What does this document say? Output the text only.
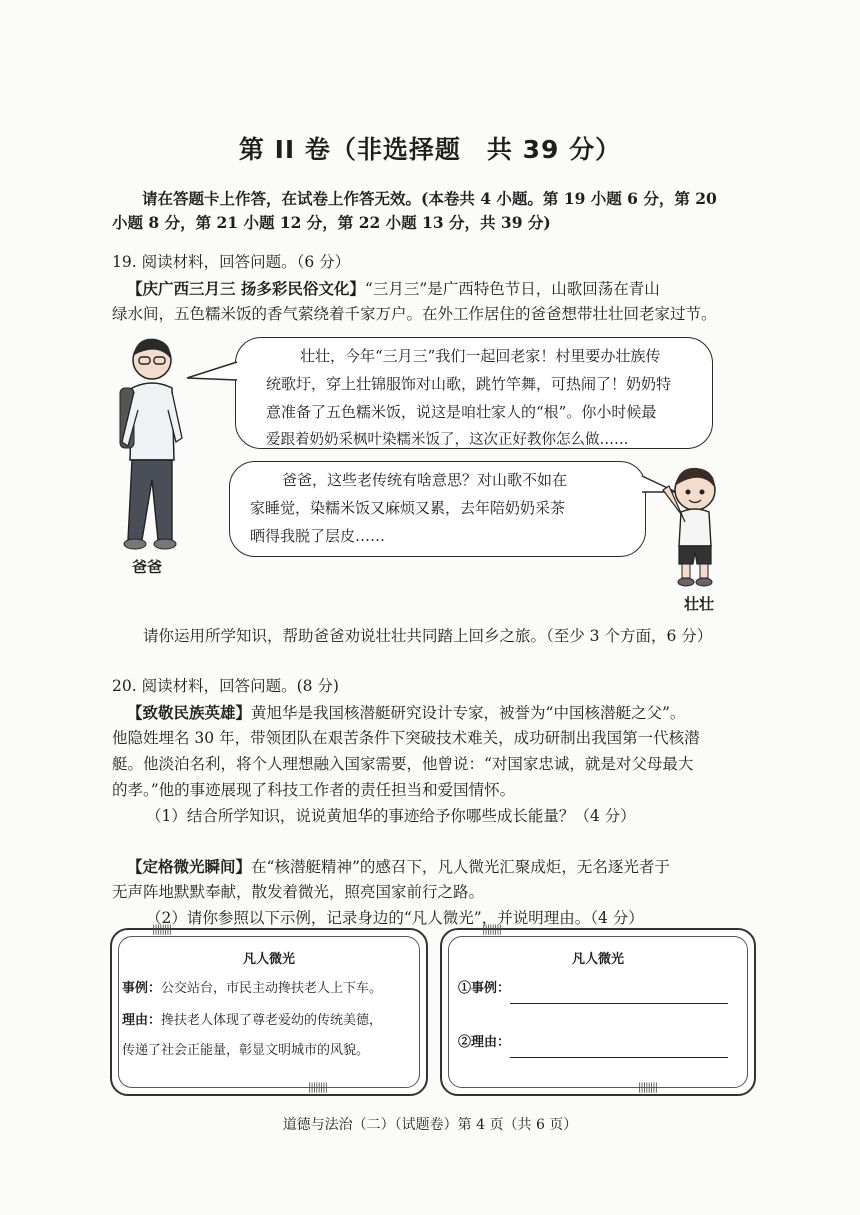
第 II 卷（非选择题　共 39 分）
请在答题卡上作答，在试卷上作答无效。(本卷共 4 小题。第 19 小题 6 分，第 20
小题 8 分，第 21 小题 12 分，第 22 小题 13 分，共 39 分)
19. 阅读材料，回答问题。（6 分）
【庆广西三月三 扬多彩民俗文化】“三月三”是广西特色节日，山歌回荡在青山
绿水间，五色糯米饭的香气萦绕着千家万户。在外工作居住的爸爸想带壮壮回老家过节。
爸爸
壮壮，今年“三月三”我们一起回老家！村里要办壮族传
统歌圩，穿上壮锦服饰对山歌，跳竹竿舞，可热闹了！奶奶特
意准备了五色糯米饭，说这是咱壮家人的“根”。你小时候最
爱跟着奶奶采枫叶染糯米饭了，这次正好教你怎么做……
爸爸，这些老传统有啥意思？对山歌不如在
家睡觉，染糯米饭又麻烦又累，去年陪奶奶采茶
晒得我脱了层皮……
壮壮
请你运用所学知识，帮助爸爸劝说壮壮共同踏上回乡之旅。（至少 3 个方面，6 分）
20. 阅读材料，回答问题。(8 分)
【致敬民族英雄】黄旭华是我国核潜艇研究设计专家，被誉为“中国核潜艇之父”。
他隐姓埋名 30 年，带领团队在艰苦条件下突破技术难关，成功研制出我国第一代核潜
艇。他淡泊名利，将个人理想融入国家需要，他曾说：“对国家忠诚，就是对父母最大
的孝。”他的事迹展现了科技工作者的责任担当和爱国情怀。
（1）结合所学知识，说说黄旭华的事迹给予你哪些成长能量？（4 分）
【定格微光瞬间】在“核潜艇精神”的感召下，凡人微光汇聚成炬，无名逐光者于
无声阵地默默奉献，散发着微光，照亮国家前行之路。
（2）请你参照以下示例，记录身边的“凡人微光”，并说明理由。（4 分）
||||||||
||||||||
凡人微光
事例：公交站台，市民主动搀扶老人上下车。
理由：搀扶老人体现了尊老爱幼的传统美德，
传递了社会正能量，彰显文明城市的风貌。
||||||||
||||||||
凡人微光
①事例：
②理由：
道德与法治（二）（试题卷）第 4 页（共 6 页）
